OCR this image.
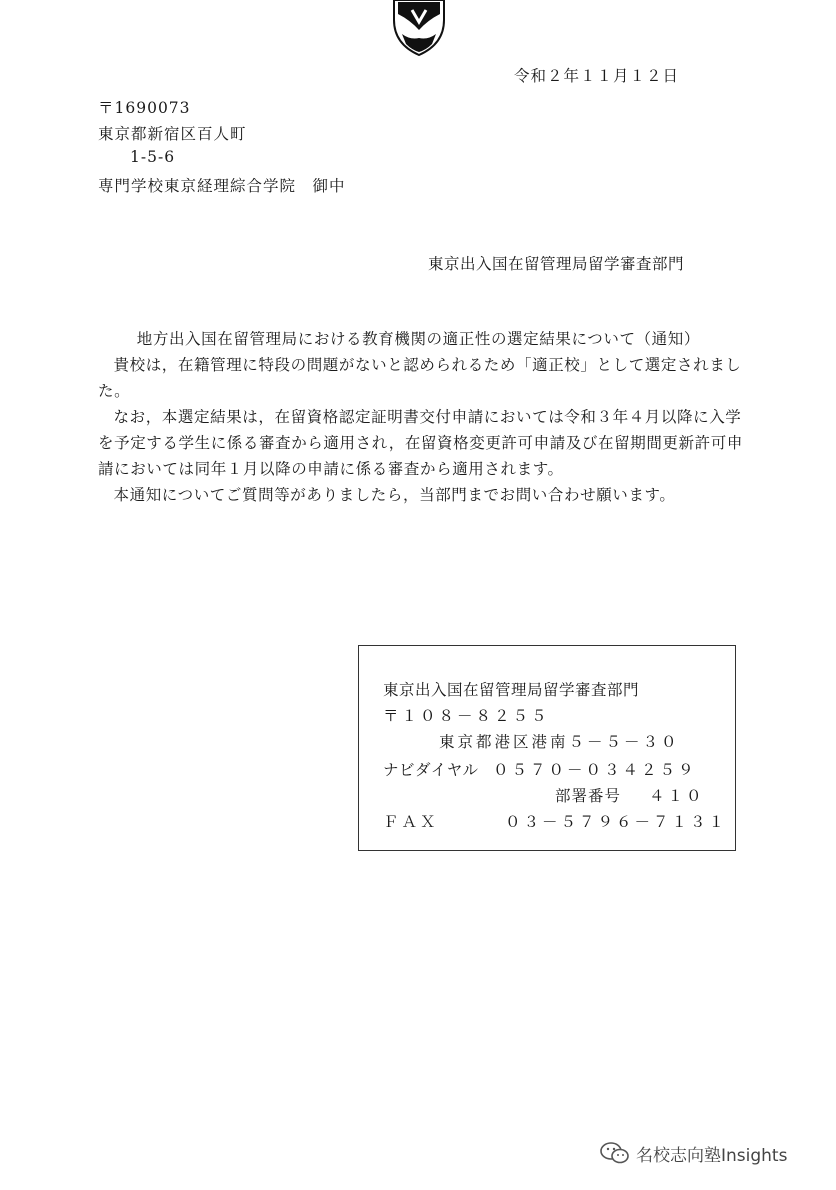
令和２年１１月１２日
〒1690073
東京都新宿区百人町
1-5-6
専門学校東京経理綜合学院　御中
東京出入国在留管理局留学審査部門

地方出入国在留管理局における教育機関の適正性の選定結果について（通知）

貴校は，在籍管理に特段の問題がないと認められるため「適正校」として選定されました。

なお，本選定結果は，在留資格認定証明書交付申請においては令和３年４月以降に入学を予定する学生に係る審査から適用され，在留資格変更許可申請及び在留期間更新許可申請においては同年１月以降の申請に係る審査から適用されます。

本通知についてご質問等がありましたら，当部門までお問い合わせ願います。

東京出入国在留管理局留学審査部門
〒１０８－８２５５
東京都港区港南５－５－３０
ナビダイヤル ０５７０－０３４２５９
部署番号 ４１０
ＦＡＸ	０３－５７９６－７１３１
名校志向塾Insights
